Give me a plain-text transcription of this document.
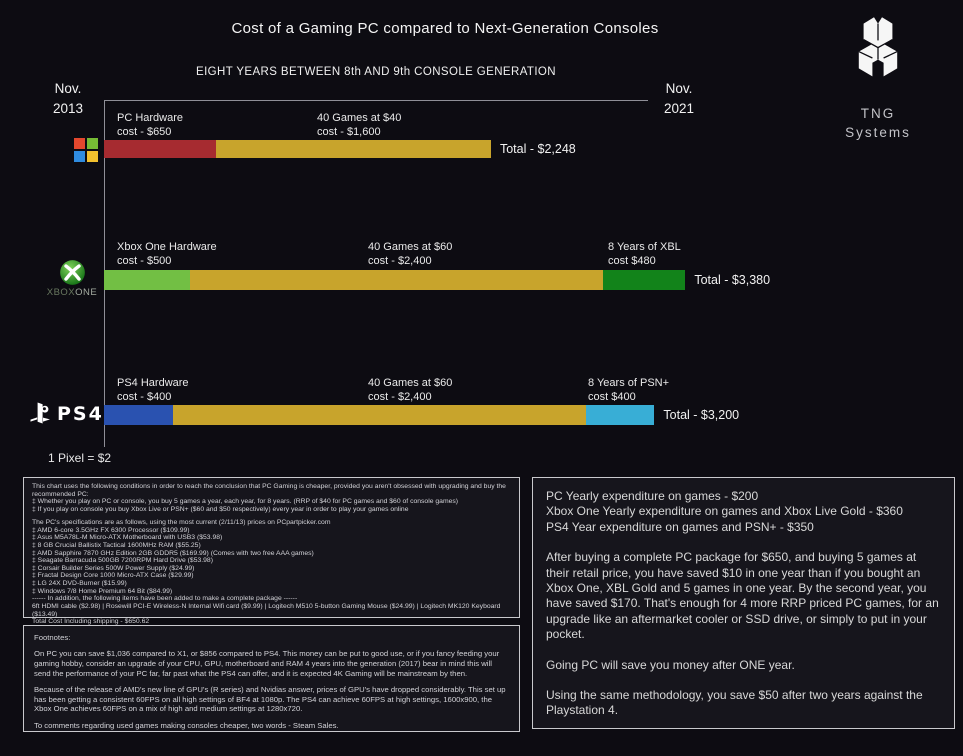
Cost of a Gaming PC compared to Next-Generation Consoles
EIGHT YEARS BETWEEN 8th AND 9th CONSOLE GENERATION
Nov.
2013
Nov.
2021	TNG
Systems
XBOXONE
PS4
PC Hardware
cost - $650
40 Games at $40
cost - $1,600
Total - $2,248
Xbox One Hardware
cost - $500
40 Games at $60
cost - $2,400
8 Years of XBL
cost $480
Total - $3,380
PS4 Hardware
cost - $400
40 Games at $60
cost - $2,400
8 Years of PSN+
cost $400
Total - $3,200
1 Pixel = $2
This chart uses the following conditions in order to reach the conclusion that PC Gaming is cheaper, provided you aren't obsessed with upgrading and buy the recommended PC:
‡ Whether you play on PC or console, you buy 5 games a year, each year, for 8 years. (RRP of $40 for PC games and $60 of console games)
‡ If you play on console you buy Xbox Live or PSN+ ($60 and $50 respectively) every year in order to play your games online
The PC's specifications are as follows, using the most current (2/11/13) prices on PCpartpicker.com
‡ AMD 6-core 3.5GHz FX 6300 Processor ($109.99)
‡ Asus M5A78L-M Micro-ATX Motherboard with USB3 ($53.98)
‡ 8 GB Crucial Ballistix Tactical 1600MHz RAM ($55.25)
‡ AMD Sapphire 7870 GHz Edition 2GB GDDR5 ($169.99) (Comes with two free AAA games)
‡ Seagate Barracuda 500GB 7200RPM Hard Drive ($53.98)
‡ Corsair Builder Series 500W Power Supply ($24.99)
‡ Fractal Design Core 1000 Micro-ATX Case ($29.99)
‡ LG 24X DVD-Burner ($15.99)
‡ Windows 7/8 Home Premium 64 Bit ($84.99)
------ In addition, the following items have been added to make a complete package ------
6ft HDMI cable ($2.98) | Rosewill PCI-E Wireless-N Internal Wifi card ($9.99) | Logitech M510 5-button Gaming Mouse ($24.99) | Logitech MK120 Keyboard ($13.49)
Total Cost Including shipping - $650.62
Footnotes:
On PC you can save $1,036 compared to X1, or $856 compared to PS4. This money can be put to good use, or if you fancy feeding your gaming hobby, consider an upgrade of your CPU, GPU, motherboard and RAM 4 years into the generation (2017) bear in mind this will send the performance of your PC far, far past what the PS4 can offer, and it is expected 4K Gaming will be mainstream by then.
Because of the release of AMD's new line of GPU's (R series) and Nvidias answer, prices of GPU's have dropped considerably. This set up has been getting a consistent 60FPS on all high settings of BF4 at 1080p. The PS4 can achieve 60FPS at high settings, 1600x900, the Xbox One achieves 60FPS on a mix of high and medium settings at 1280x720.
To comments regarding used games making consoles cheaper, two words - Steam Sales.
PC Yearly expenditure on games - $200
Xbox One Yearly expenditure on games and Xbox Live Gold - $360
PS4 Year expenditure on games and PSN+ - $350
After buying a complete PC package for $650, and buying 5 games at their retail price, you have saved $10 in one year than if you bought an Xbox One, XBL Gold and 5 games in one year. By the second year, you have saved $170. That's enough for 4 more RRP priced PC games, for an upgrade like an aftermarket cooler or SSD drive, or simply to put in your pocket.
Going PC will save you money after ONE year.
Using the same methodology, you save $50 after two years against the Playstation 4.
